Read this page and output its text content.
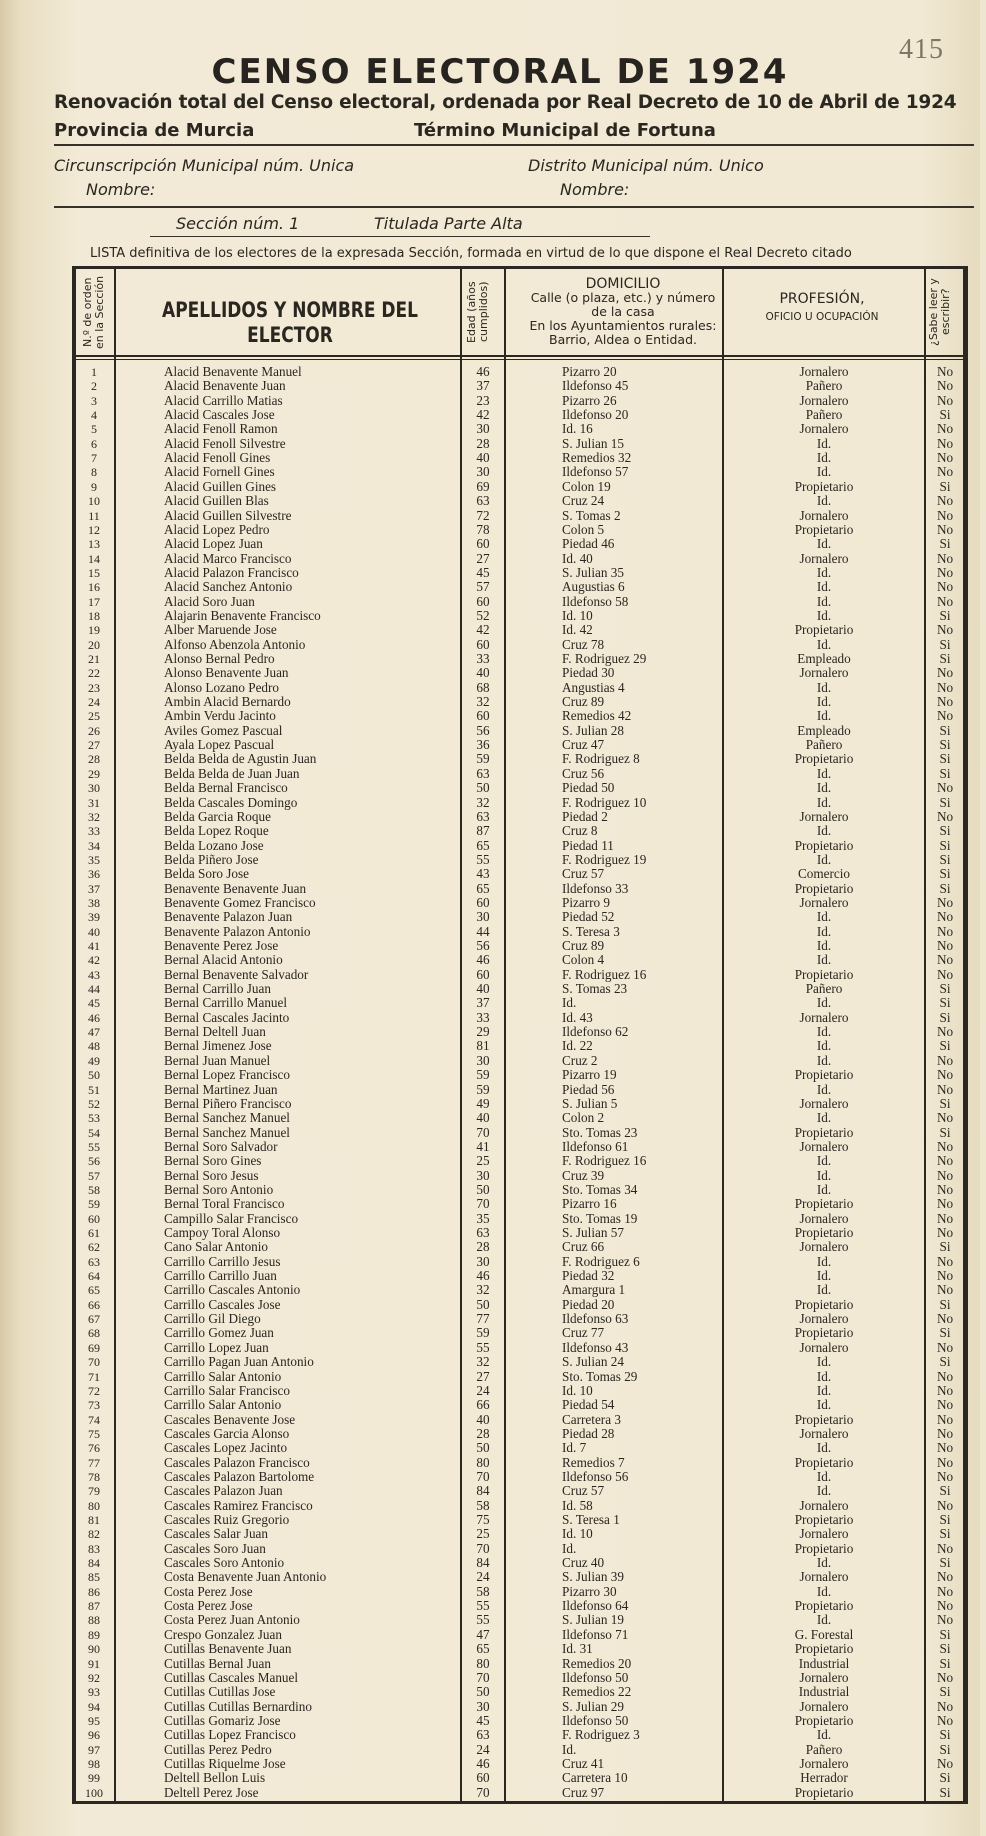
415
CENSO ELECTORAL DE 1924
Renovación total del Censo electoral, ordenada por Real Decreto de 10 de Abril de 1924
Provincia de Murcia	Término Municipal de Fortuna
Circunscripción Municipal núm. Unica
Nombre:
Distrito Municipal núm. Unico
Nombre:
Sección núm. 1	Titulada Parte Alta
LISTA definitiva de los electores de la expresada Sección, formada en virtud de lo que dispone el Real Decreto citado
N.º de orden en la Sección	APELLIDOS Y NOMBRE DEL ELECTOR	Edad (años cumplidos)	DOMICILIO
Calle (o plaza, etc.) y número de la casa
En los Ayuntamientos rurales: Barrio, Aldea o Entidad.
PROFESIÓN,
OFICIO U OCUPACIÓN	¿Sabe leer y escribir?
1	Alacid Benavente Manuel	46	Pizarro 20	Jornalero	No
2	Alacid Benavente Juan	37	Ildefonso 45	Pañero	No
3	Alacid Carrillo Matias	23	Pizarro 26	Jornalero	No
4	Alacid Cascales Jose	42	Ildefonso 20	Pañero	Si
5	Alacid Fenoll Ramon	30	Id. 16	Jornalero	No
6	Alacid Fenoll Silvestre	28	S. Julian 15	Id.	No
7	Alacid Fenoll Gines	40	Remedios 32	Id.	No
8	Alacid Fornell Gines	30	Ildefonso 57	Id.	No
9	Alacid Guillen Gines	69	Colon 19	Propietario	Si
10	Alacid Guillen Blas	63	Cruz 24	Id.	No
11	Alacid Guillen Silvestre	72	S. Tomas 2	Jornalero	No
12	Alacid Lopez Pedro	78	Colon 5	Propietario	No
13	Alacid Lopez Juan	60	Piedad 46	Id.	Si
14	Alacid Marco Francisco	27	Id. 40	Jornalero	No
15	Alacid Palazon Francisco	45	S. Julian 35	Id.	No
16	Alacid Sanchez Antonio	57	Augustias 6	Id.	No
17	Alacid Soro Juan	60	Ildefonso 58	Id.	No
18	Alajarin Benavente Francisco	52	Id. 10	Id.	Si
19	Alber Maruende Jose	42	Id. 42	Propietario	No
20	Alfonso Abenzola Antonio	60	Cruz 78	Id.	Si
21	Alonso Bernal Pedro	33	F. Rodriguez 29	Empleado	Si
22	Alonso Benavente Juan	40	Piedad 30	Jornalero	No
23	Alonso Lozano Pedro	68	Angustias 4	Id.	No
24	Ambin Alacid Bernardo	32	Cruz 89	Id.	No
25	Ambin Verdu Jacinto	60	Remedios 42	Id.	No
26	Aviles Gomez Pascual	56	S. Julian 28	Empleado	Si
27	Ayala Lopez Pascual	36	Cruz 47	Pañero	Si
28	Belda Belda de Agustin Juan	59	F. Rodriguez 8	Propietario	Si
29	Belda Belda de Juan Juan	63	Cruz 56	Id.	Si
30	Belda Bernal Francisco	50	Piedad 50	Id.	No
31	Belda Cascales Domingo	32	F. Rodriguez 10	Id.	Si
32	Belda Garcia Roque	63	Piedad 2	Jornalero	No
33	Belda Lopez Roque	87	Cruz 8	Id.	Si
34	Belda Lozano Jose	65	Piedad 11	Propietario	Si
35	Belda Piñero Jose	55	F. Rodriguez 19	Id.	Si
36	Belda Soro Jose	43	Cruz 57	Comercio	Si
37	Benavente Benavente Juan	65	Ildefonso 33	Propietario	Si
38	Benavente Gomez Francisco	60	Pizarro 9	Jornalero	No
39	Benavente Palazon Juan	30	Piedad 52	Id.	No
40	Benavente Palazon Antonio	44	S. Teresa 3	Id.	No
41	Benavente Perez Jose	56	Cruz 89	Id.	No
42	Bernal Alacid Antonio	46	Colon 4	Id.	No
43	Bernal Benavente Salvador	60	F. Rodriguez 16	Propietario	No
44	Bernal Carrillo Juan	40	S. Tomas 23	Pañero	Si
45	Bernal Carrillo Manuel	37	Id.	Id.	Si
46	Bernal Cascales Jacinto	33	Id. 43	Jornalero	Si
47	Bernal Deltell Juan	29	Ildefonso 62	Id.	No
48	Bernal Jimenez Jose	81	Id. 22	Id.	Si
49	Bernal Juan Manuel	30	Cruz 2	Id.	No
50	Bernal Lopez Francisco	59	Pizarro 19	Propietario	No
51	Bernal Martinez Juan	59	Piedad 56	Id.	No
52	Bernal Piñero Francisco	49	S. Julian 5	Jornalero	Si
53	Bernal Sanchez Manuel	40	Colon 2	Id.	No
54	Bernal Sanchez Manuel	70	Sto. Tomas 23	Propietario	Si
55	Bernal Soro Salvador	41	Ildefonso 61	Jornalero	No
56	Bernal Soro Gines	25	F. Rodriguez 16	Id.	No
57	Bernal Soro Jesus	30	Cruz 39	Id.	No
58	Bernal Soro Antonio	50	Sto. Tomas 34	Id.	No
59	Bernal Toral Francisco	70	Pizarro 16	Propietario	No
60	Campillo Salar Francisco	35	Sto. Tomas 19	Jornalero	No
61	Campoy Toral Alonso	63	S. Julian 57	Propietario	No
62	Cano Salar Antonio	28	Cruz 66	Jornalero	Si
63	Carrillo Carrillo Jesus	30	F. Rodriguez 6	Id.	No
64	Carrillo Carrillo Juan	46	Piedad 32	Id.	No
65	Carrillo Cascales Antonio	32	Amargura 1	Id.	No
66	Carrillo Cascales Jose	50	Piedad 20	Propietario	Si
67	Carrillo Gil Diego	77	Ildefonso 63	Jornalero	No
68	Carrillo Gomez Juan	59	Cruz 77	Propietario	Si
69	Carrillo Lopez Juan	55	Ildefonso 43	Jornalero	No
70	Carrillo Pagan Juan Antonio	32	S. Julian 24	Id.	Si
71	Carrillo Salar Antonio	27	Sto. Tomas 29	Id.	No
72	Carrillo Salar Francisco	24	Id. 10	Id.	No
73	Carrillo Salar Antonio	66	Piedad 54	Id.	No
74	Cascales Benavente Jose	40	Carretera 3	Propietario	No
75	Cascales Garcia Alonso	28	Piedad 28	Jornalero	No
76	Cascales Lopez Jacinto	50	Id. 7	Id.	No
77	Cascales Palazon Francisco	80	Remedios 7	Propietario	No
78	Cascales Palazon Bartolome	70	Ildefonso 56	Id.	No
79	Cascales Palazon Juan	84	Cruz 57	Id.	Si
80	Cascales Ramirez Francisco	58	Id. 58	Jornalero	No
81	Cascales Ruiz Gregorio	75	S. Teresa 1	Propietario	Si
82	Cascales Salar Juan	25	Id. 10	Jornalero	Si
83	Cascales Soro Juan	70	Id.	Propietario	No
84	Cascales Soro Antonio	84	Cruz 40	Id.	Si
85	Costa Benavente Juan Antonio	24	S. Julian 39	Jornalero	No
86	Costa Perez Jose	58	Pizarro 30	Id.	No
87	Costa Perez Jose	55	Ildefonso 64	Propietario	No
88	Costa Perez Juan Antonio	55	S. Julian 19	Id.	No
89	Crespo Gonzalez Juan	47	Ildefonso 71	G. Forestal	Si
90	Cutillas Benavente Juan	65	Id. 31	Propietario	Si
91	Cutillas Bernal Juan	80	Remedios 20	Industrial	Si
92	Cutillas Cascales Manuel	70	Ildefonso 50	Jornalero	No
93	Cutillas Cutillas Jose	50	Remedios 22	Industrial	Si
94	Cutillas Cutillas Bernardino	30	S. Julian 29	Jornalero	No
95	Cutillas Gomariz Jose	45	Ildefonso 50	Propietario	No
96	Cutillas Lopez Francisco	63	F. Rodriguez 3	Id.	Si
97	Cutillas Perez Pedro	24	Id.	Pañero	Si
98	Cutillas Riquelme Jose	46	Cruz 41	Jornalero	No
99	Deltell Bellon Luis	60	Carretera 10	Herrador	Si
100	Deltell Perez Jose	70	Cruz 97	Propietario	Si
